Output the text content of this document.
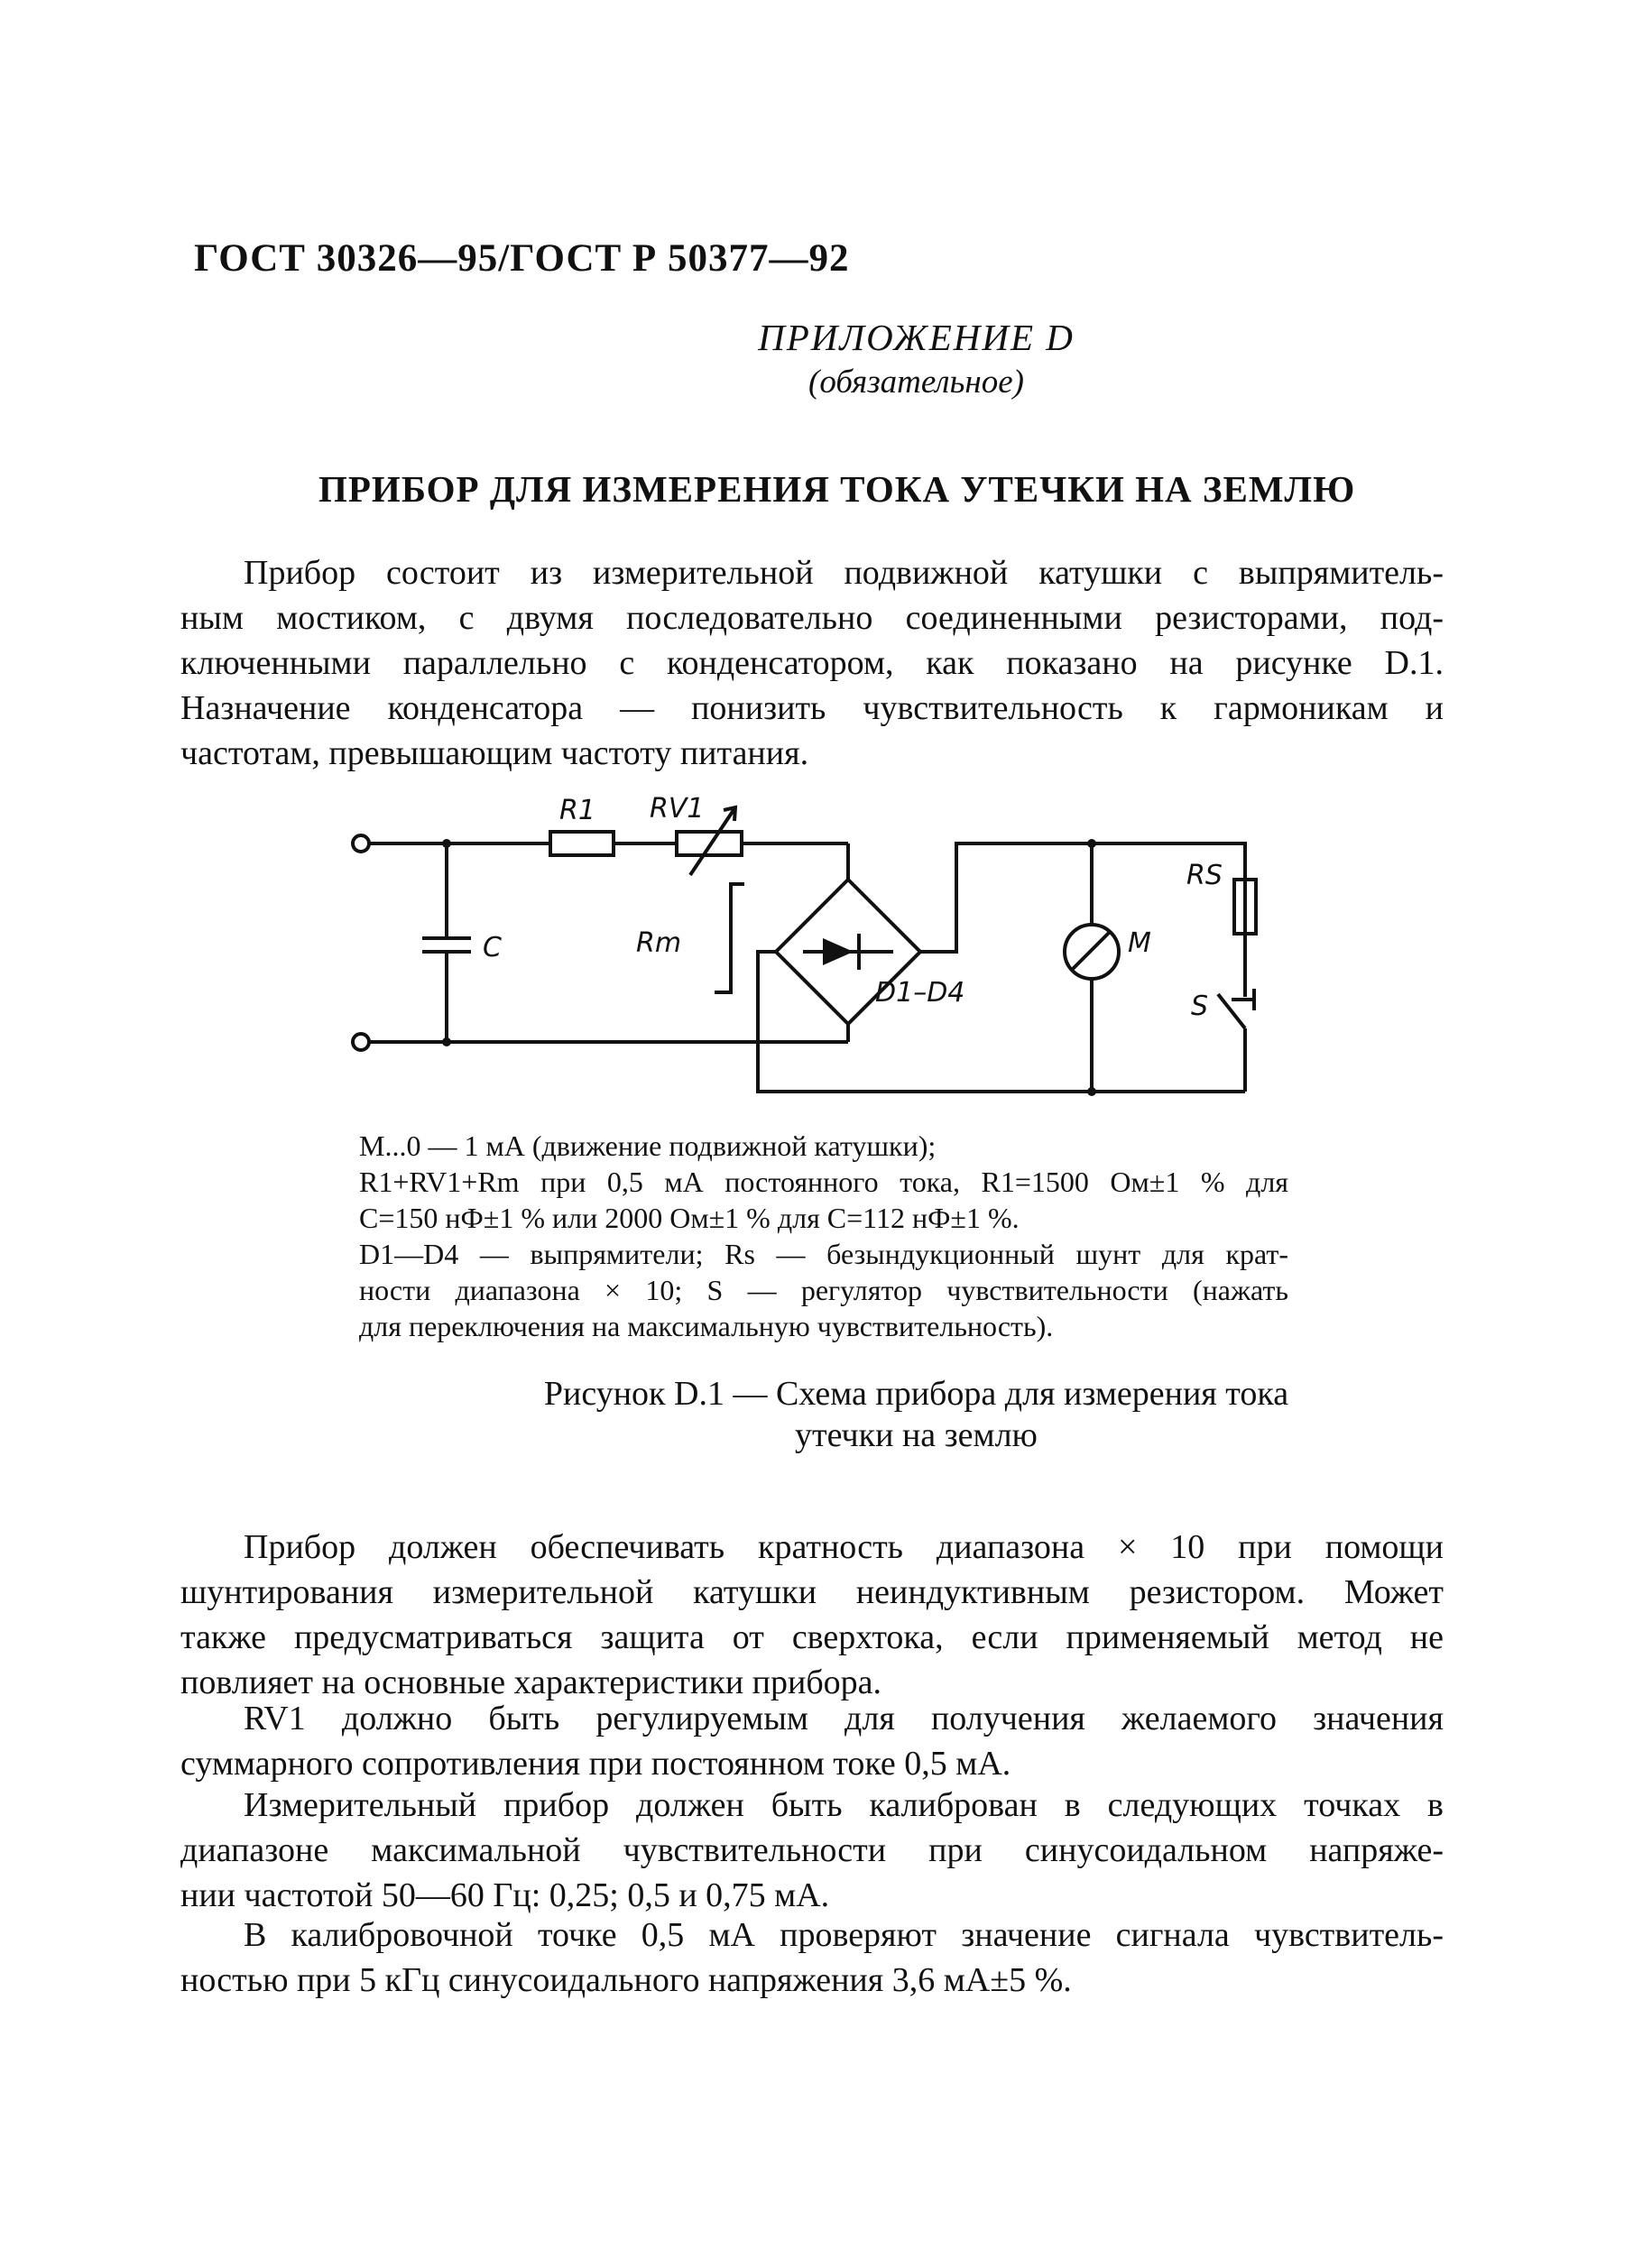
ГОСТ 30326—95/ГОСТ Р 50377—92
ПРИЛОЖЕНИЕ D
(обязательное)
ПРИБОР ДЛЯ ИЗМЕРЕНИЯ ТОКА УТЕЧКИ НА ЗЕМЛЮ
Прибор состоит из измерительной подвижной катушки с выпрямитель-
ным мостиком, с двумя последовательно соединенными резисторами, под-
ключенными параллельно с конденсатором, как показано на рисунке D.1.
Назначение конденсатора — понизить чувствительность к гармоникам и
частотам, превышающим частоту питания.
R1 RV1
C	Rm
D1–D4
M
RS
S
M...0 — 1 мА (движение подвижной катушки);
R1+RV1+Rm при 0,5 мА постоянного тока, R1=1500 Ом±1 % для
C=150 нФ±1 % или 2000 Ом±1 % для C=112 нФ±1 %.
D1—D4 — выпрямители; Rs — безындукционный шунт для крат-
ности диапазона × 10; S — регулятор чувствительности (нажать
для переключения на максимальную чувствительность).
Рисунок D.1 — Схема прибора для измерения тока
утечки на землю
Прибор должен обеспечивать кратность диапазона × 10 при помощи
шунтирования измерительной катушки неиндуктивным резистором. Может
также предусматриваться защита от сверхтока, если применяемый метод не
повлияет на основные характеристики прибора.
RV1 должно быть регулируемым для получения желаемого значения
суммарного сопротивления при постоянном токе 0,5 мА.
Измерительный прибор должен быть калиброван в следующих точках в
диапазоне максимальной чувствительности при синусоидальном напряже-
нии частотой 50—60 Гц: 0,25; 0,5 и 0,75 мА.
В калибровочной точке 0,5 мА проверяют значение сигнала чувствитель-
ностью при 5 кГц синусоидального напряжения 3,6 мА±5 %.
